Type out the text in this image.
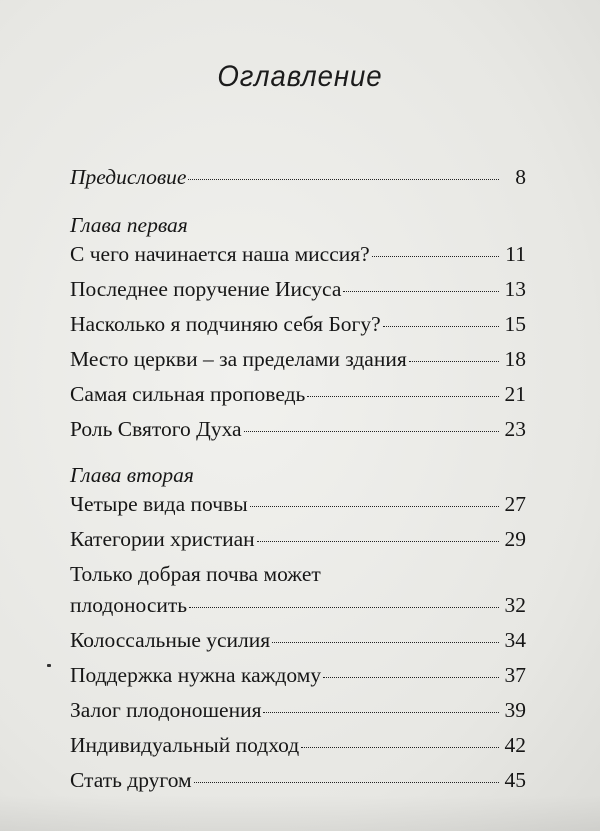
Оглавление
Предисловие	8
Глава первая
С чего начинается наша миссия?	11
Последнее поручение Иисуса	13
Насколько я подчиняю себя Богу?	15
Место церкви – за пределами здания	18
Самая сильная проповедь	21
Роль Святого Духа	23
Глава вторая
Четыре вида почвы	27
Категории христиан	29
Только добрая почва может
плодоносить	32
Колоссальные усилия	34
Поддержка нужна каждому	37
Залог плодоношения	39
Индивидуальный подход	42
Стать другом	45
